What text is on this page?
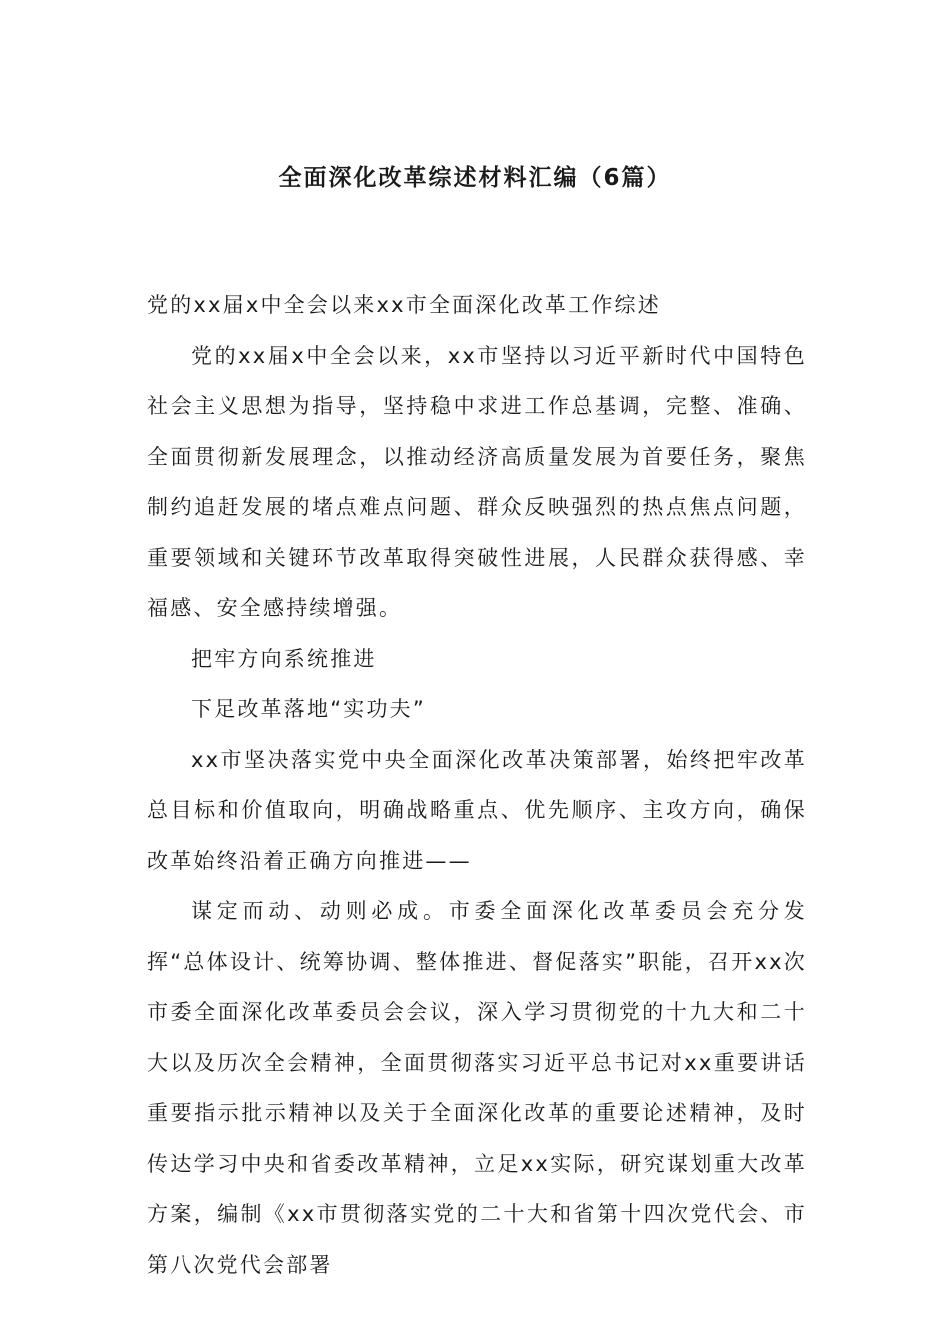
全面深化改革综述材料汇编（6篇）

党的xx届x中全会以来xx市全面深化改革工作综述

党的xx届x中全会以来，xx市坚持以习近平新时代中国特色社会主义思想为指导，坚持稳中求进工作总基调，完整、准确、全面贯彻新发展理念，以推动经济高质量发展为首要任务，聚焦制约追赶发展的堵点难点问题、群众反映强烈的热点焦点问题，重要领域和关键环节改革取得突破性进展，人民群众获得感、幸福感、安全感持续增强。

把牢方向系统推进

下足改革落地“实功夫”

xx市坚决落实党中央全面深化改革决策部署，始终把牢改革总目标和价值取向，明确战略重点、优先顺序、主攻方向，确保改革始终沿着正确方向推进——

谋定而动、动则必成。市委全面深化改革委员会充分发挥“总体设计、统筹协调、整体推进、督促落实”职能，召开xx次市委全面深化改革委员会会议，深入学习贯彻党的十九大和二十大以及历次全会精神，全面贯彻落实习近平总书记对xx重要讲话重要指示批示精神以及关于全面深化改革的重要论述精神，及时传达学习中央和省委改革精神，立足xx实际，研究谋划重大改革方案，编制《xx市贯彻落实党的二十大和省第十四次党代会、市第八次党代会部署
